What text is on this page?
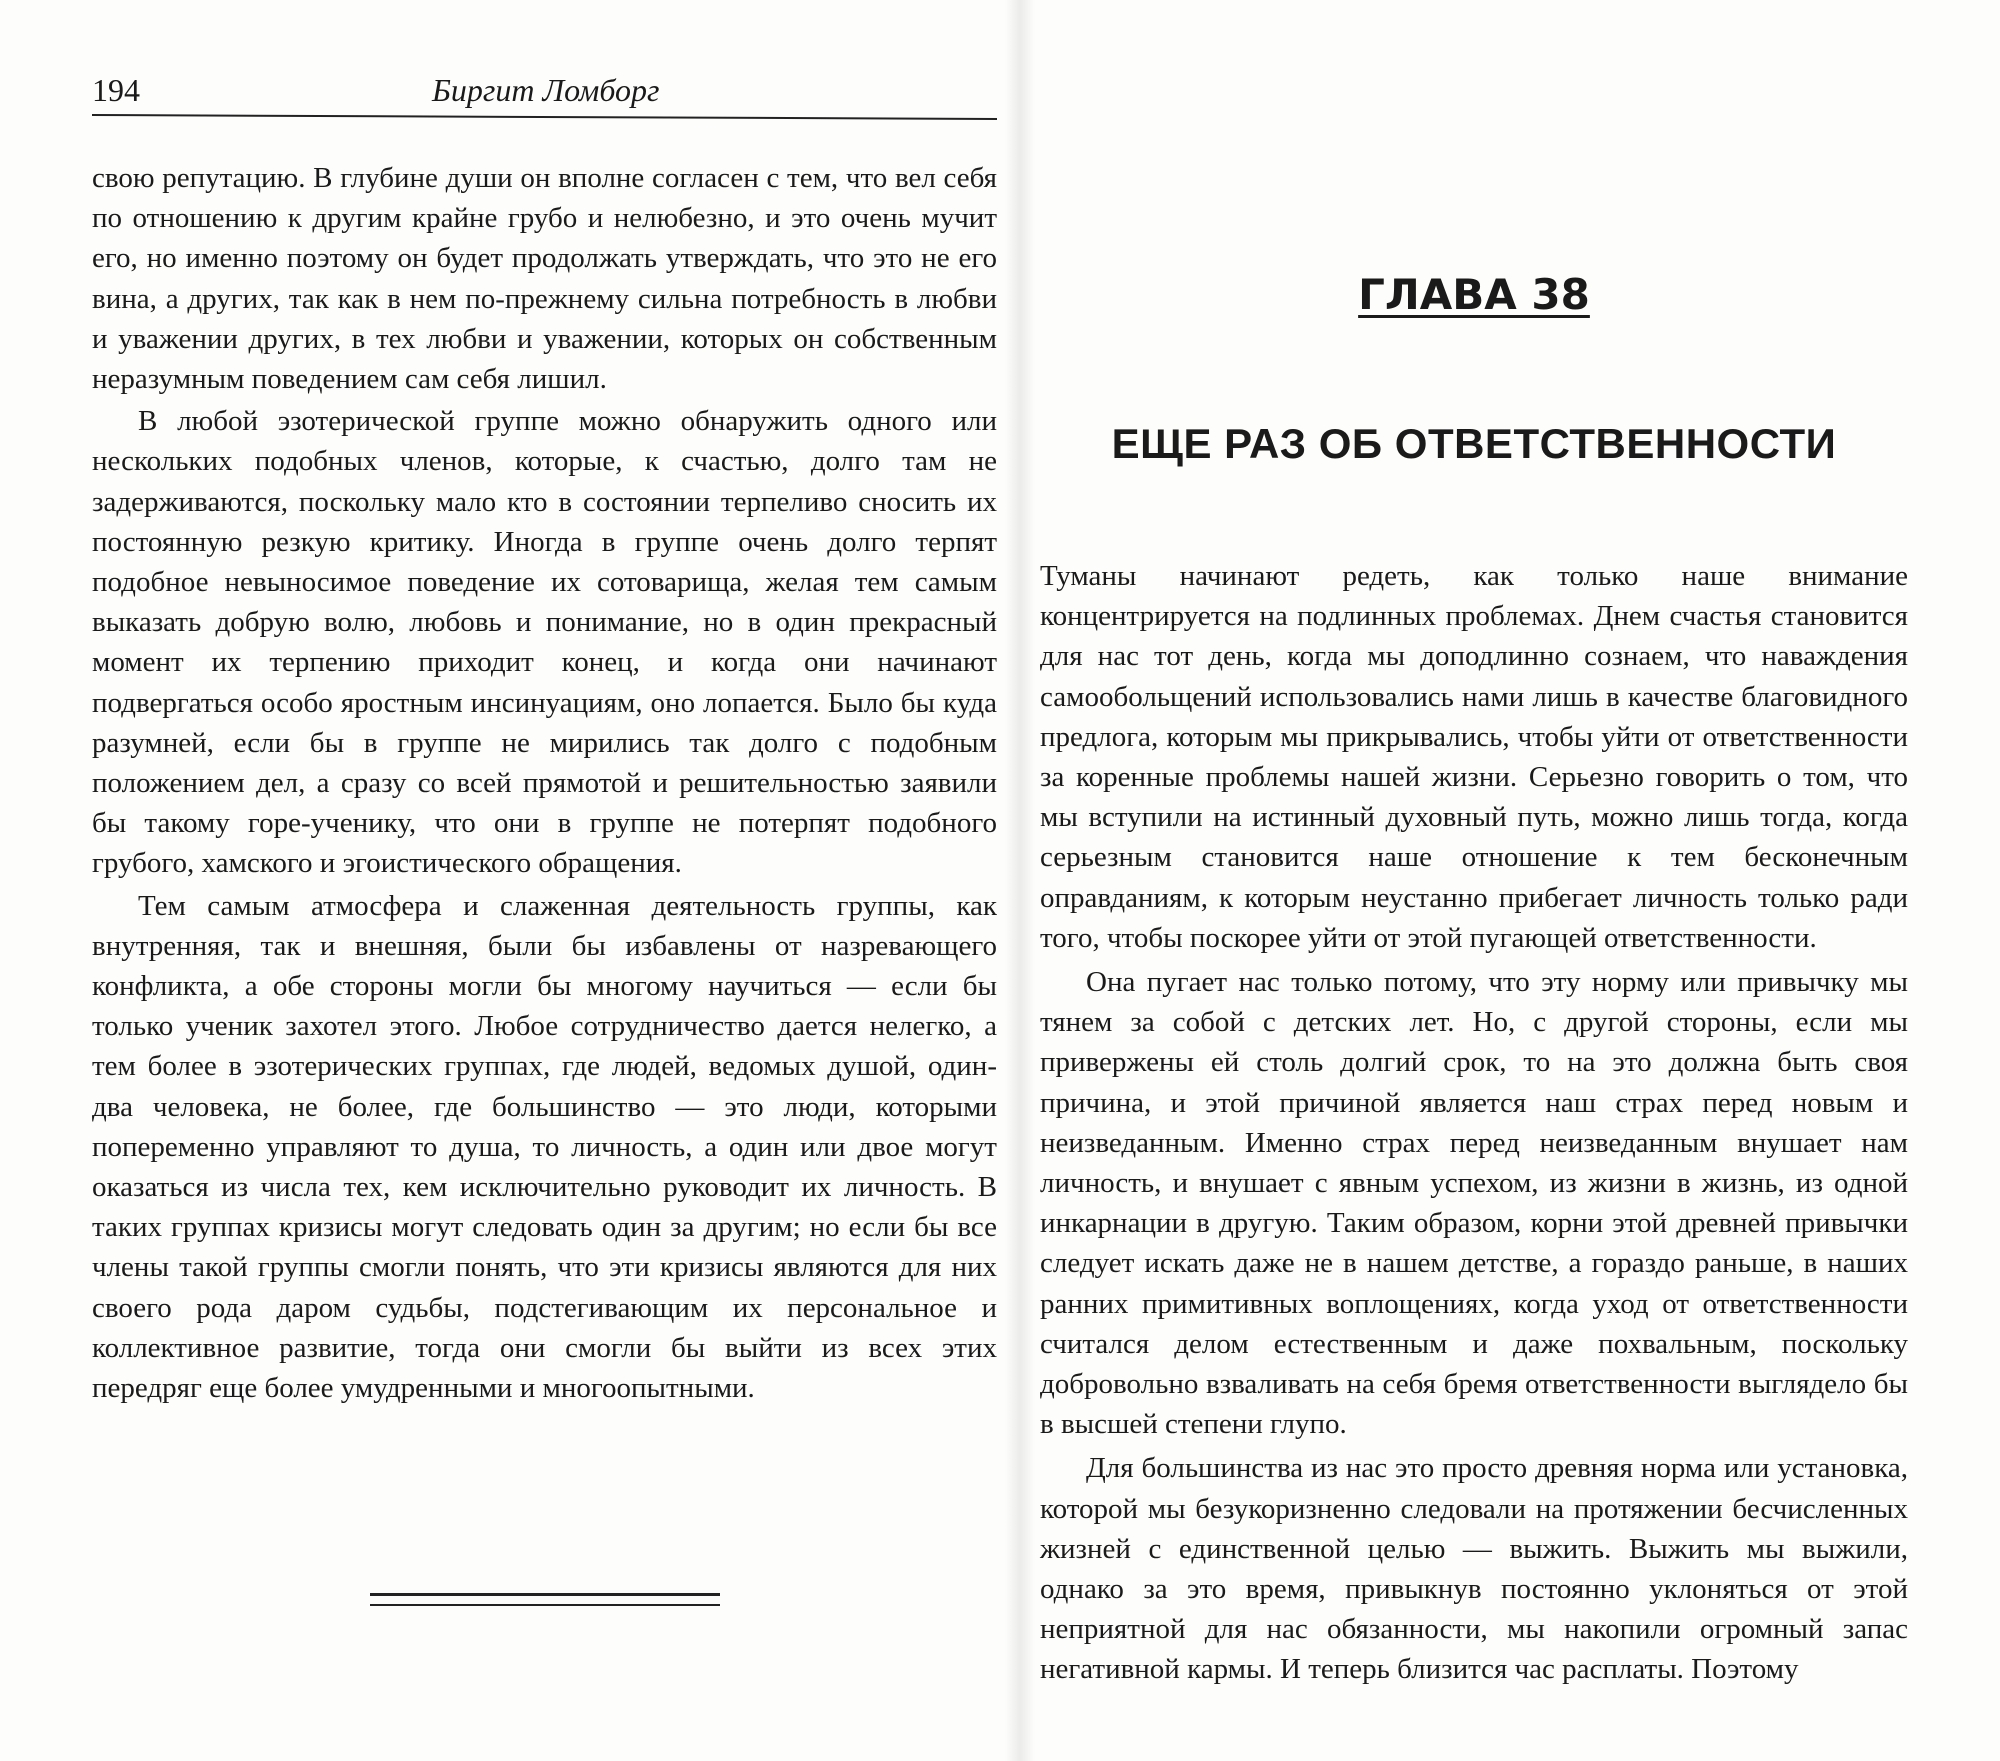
194	Биргит Ломборг

свою репутацию. В глубине души он вполне согласен с тем, что вел себя по отношению к другим крайне грубо и нелюбезно, и это очень мучит его, но именно поэтому он будет продолжать утверждать, что это не его вина, а других, так как в нем по-прежнему сильна потребность в любви и уважении других, в тех любви и уважении, которых он собственным неразумным поведением сам себя лишил.

В любой эзотерической группе можно обнаружить одного или нескольких подобных членов, которые, к счастью, долго там не задерживаются, поскольку мало кто в состоянии терпеливо сносить их постоянную резкую критику. Иногда в группе очень долго терпят подобное невыносимое поведение их сотоварища, желая тем самым выказать добрую волю, любовь и понимание, но в один прекрасный момент их терпению приходит конец, и когда они начинают подвергаться особо яростным инсинуациям, оно лопается. Было бы куда разумней, если бы в группе не мирились так долго с подобным положением дел, а сразу со всей прямотой и решительностью заявили бы такому горе-ученику, что они в группе не потерпят подобного грубого, хамского и эгоистического обращения.

Тем самым атмосфера и слаженная деятельность группы, как внутренняя, так и внешняя, были бы избавлены от назревающего конфликта, а обе стороны могли бы многому научиться — если бы только ученик захотел этого. Любое сотрудничество дается нелегко, а тем более в эзотерических группах, где людей, ведомых душой, один-два человека, не более, где большинство — это люди, которыми попеременно управляют то душа, то личность, а один или двое могут оказаться из числа тех, кем исключительно руководит их личность. В таких группах кризисы могут следовать один за другим; но если бы все члены такой группы смогли понять, что эти кризисы являются для них своего рода даром судьбы, подстегивающим их персональное и коллективное развитие, тогда они смогли бы выйти из всех этих передряг еще более умудренными и многоопытными.

ГЛАВА 38
ЕЩЕ РАЗ ОБ ОТВЕТСТВЕННОСТИ

Туманы начинают редеть, как только наше внимание концентрируется на подлинных проблемах. Днем счастья становится для нас тот день, когда мы доподлинно сознаем, что наваждения самообольщений использовались нами лишь в качестве благовидного предлога, которым мы прикрывались, чтобы уйти от ответственности за коренные проблемы нашей жизни. Серьезно говорить о том, что мы вступили на истинный духовный путь, можно лишь тогда, когда серьезным становится наше отношение к тем бесконечным оправданиям, к которым неустанно прибегает личность только ради того, чтобы поскорее уйти от этой пугающей ответственности.

Она пугает нас только потому, что эту норму или привычку мы тянем за собой с детских лет. Но, с другой стороны, если мы привержены ей столь долгий срок, то на это должна быть своя причина, и этой причиной является наш страх перед новым и неизведанным. Именно страх перед неизведанным внушает нам личность, и внушает с явным успехом, из жизни в жизнь, из одной инкарнации в другую. Таким образом, корни этой древней привычки следует искать даже не в нашем детстве, а гораздо раньше, в наших ранних примитивных воплощениях, когда уход от ответственности считался делом естественным и даже похвальным, поскольку добровольно взваливать на себя бремя ответственности выглядело бы в высшей степени глупо.

Для большинства из нас это просто древняя норма или установка, которой мы безукоризненно следовали на протяжении бесчисленных жизней с единственной целью — выжить. Выжить мы выжили, однако за это время, привыкнув постоянно уклоняться от этой неприятной для нас обязанности, мы накопили огромный запас негативной кармы. И теперь близится час расплаты. Поэтому
